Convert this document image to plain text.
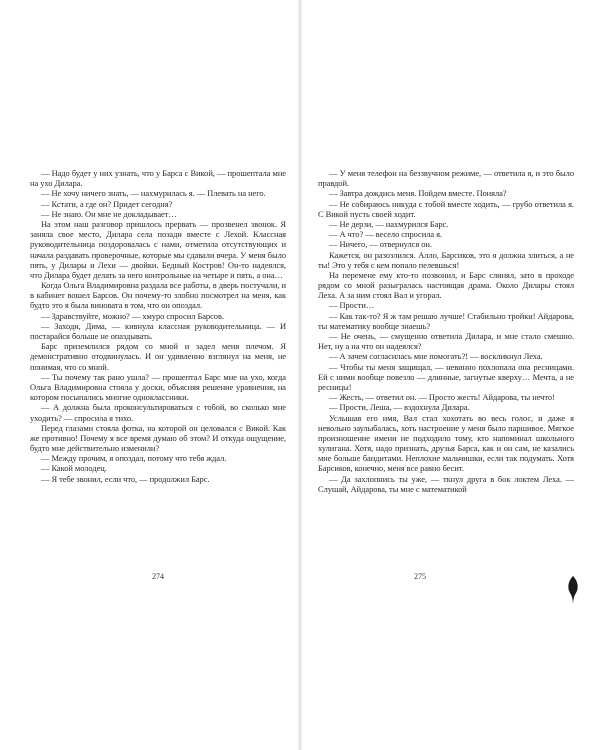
— Надо будет у них узнать, что у Барса с Викой, — прошептала мне на ухо Дилара.

— Не хочу ничего знать, — нахмурилась я. — Плевать на него.

— Кстати, а где он? Придет сегодня?

— Не знаю. Он мне не докладывает…

На этом наш разговор пришлось прервать — прозвенел звонок. Я заняла свое место, Дилара села позади вместе с Лехой. Классная руководительница поздоровалась с нами, отметила отсутствующих и начала раздавать проверочные, которые мы сдавали вчера. У меня было пять, у Дилары и Лехи — двойки. Бедный Костров! Он-то надеялся, что Дилара будет делать за него контрольные на четыре и пять, а она…

Когда Ольга Владимировна раздала все работы, в дверь постучали, и в кабинет вошел Барсов. Он почему-то злобно посмотрел на меня, как будто это я была виновата в том, что он опоздал.

— Здравствуйте, можно? — хмуро спросил Барсов.

— Заходи, Дима, — кивнула классная руководительница. — И постарайся больше не опаздывать.

Барс приземлился рядом со мной и задел меня плечом. Я демонстративно отодвинулась. И он удивленно взглянул на меня, не понимая, что со мной.

— Ты почему так рано ушла? — прошептал Барс мне на ухо, когда Ольга Владимировна стояла у доски, объясняя решение уравнения, на котором посыпались многие одноклассники.

— А должна была проконсультироваться с тобой, во сколько мне уходить? — спросила я тихо.

Перед глазами стояла фотка, на которой он целовался с Викой. Как же противно! Почему я все время думаю об этом? И откуда ощущение, будто мне действительно изменили?

— Между прочим, я опоздал, потому что тебя ждал.

— Какой молодец.

— Я тебе звонил, если что, — продолжил Барс.

274

— У меня телефон на беззвучном режиме, — ответила я, и это было правдой.

— Завтра дождись меня. Пойдем вместе. Поняла?

— Не собираюсь никуда с тобой вместе ходить, — грубо ответила я. С Викой пусть своей ходит.

— Не дерзи, — нахмурился Барс.

— А что? — весело спросила я.

— Ничего, — отвернулся он.

Кажется, он разозлился. Алло, Барсиков, это я должна злиться, а не ты! Это у тебя с кем попало пелевшься!

На перемене ему кто-то позвонил, и Барс слинял, зато в проходе рядом со мной разыгралась настоящая драма. Около Дилары стоял Леха. А за ним стоял Вал и угорал.

— Прости…

— Как так-то? Я ж там решаю лучше! Стабильно тройки! Айдарова, ты математику вообще знаешь?

— Не очень, — смущенно ответила Дилара, и мне стало смешно. Нет, ну а на что он надеялся?

— А зачем согласилась мне помогать?! — воскликнул Леха.

— Чтобы ты меня защищал, — невинно похлопала она ресницами. Ей с ними вообще повезло — длинные, загнутые кверху… Мечта, а не ресницы!

— Жесть, — ответил он. — Просто жесть! Айдарова, ты нечто!

— Прости, Леша, — вздохнула Дилара.

Услышав его имя, Вал стал хохотать во весь голос, и даже я невольно заулыбалась, хоть настроение у меня было паршивое. Мягкое произношение имени не подходило тому, кто напоминал школьного хулигана. Хотя, надо признать, друзья Барса, как и он сам, не казались мне больше бандитами. Неплохие мальчишки, если так подумать. Хотя Барсиков, конечно, меня все равно бесит.

— Да захлопнись ты уже, — ткнул друга в бок локтем Леха. — Слушай, Айдарова, ты мне с математикой

275
